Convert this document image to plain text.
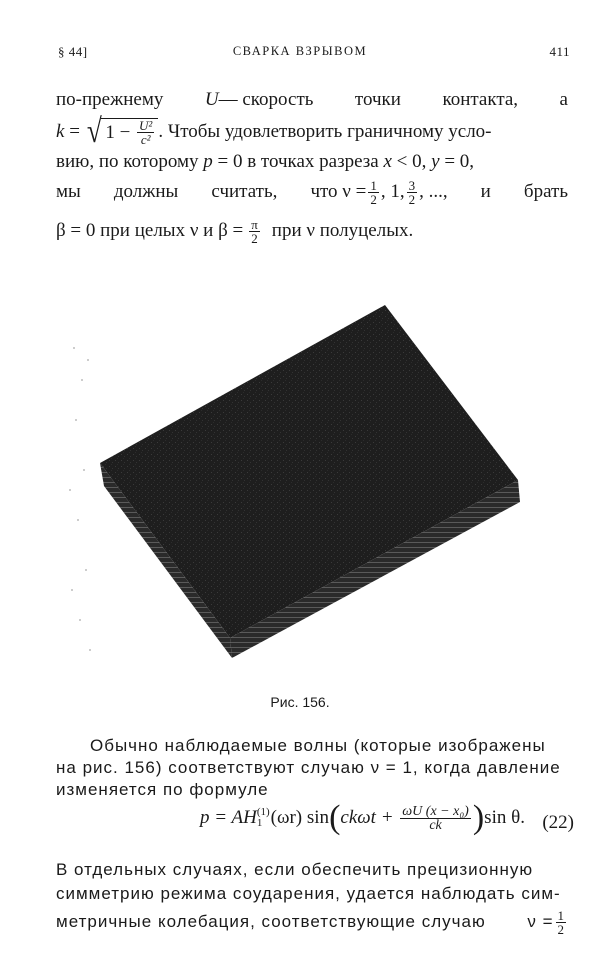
§ 44]	СВАРКА ВЗРЫВОМ	411
по-прежнему U— скорость точки контакта, а
k = √ $1 - \frac{\text{U²}}{\text{c²}}$ . Чтобы удовлетворить граничному усло-
вию, по которому p = 0 в точках разреза x < 0, y = 0,
мы должны считать, что $\nu = \frac{1}{2}$ , 1, $\frac{3}{2}$ , ..., и брать
β = 0 при целых ν и $\beta = \frac{\pi}{2}$ при ν полуцелых.
Рис. 156.
Обычно наблюдаемые волны (которые изображены
на рис. 156) соответствуют случаю ν = 1, когда давление
изменяется по формуле
p = AH (1)
1 (ωr) sin ( $ck\omega t + \frac{\text{ωU (x − x₀)}}{ck}$ ) sin θ. (22)
В отдельных случаях, если обеспечить прецизионную
симметрию режима соударения, удается наблюдать сим-
метричные колебация, соответствующие случаю $\nu = \frac{1}{2}$
